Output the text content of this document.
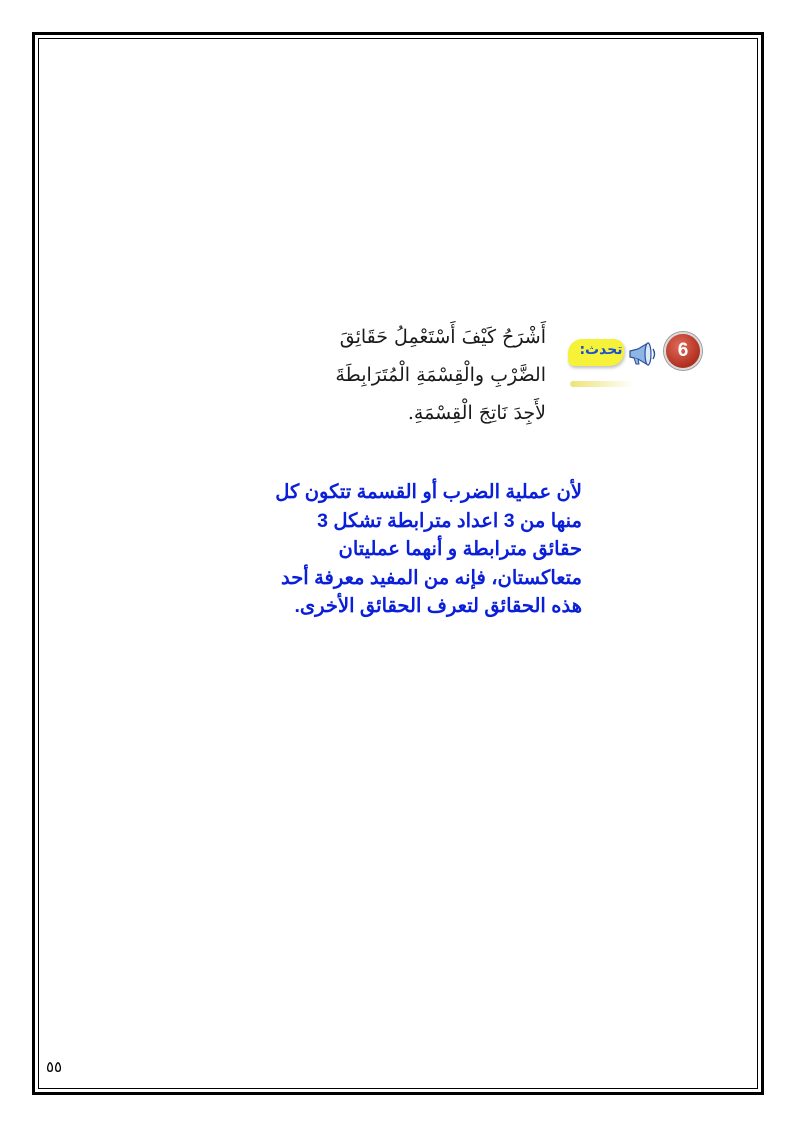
أَشْرَحُ كَيْفَ أَسْتَعْمِلُ حَقَائِقَ
الضَّرْبِ والْقِسْمَةِ الْمُتَرَابِطَةَ
لأَجِدَ نَاتِجَ الْقِسْمَةِ.
تحدث:	6
لأن عملية الضرب أو القسمة تتكون كل
منها من 3 اعداد مترابطة تشكل 3
حقائق مترابطة و أنهما عمليتان
متعاكستان، فإنه من المفيد معرفة أحد
هذه الحقائق لتعرف الحقائق الأخرى.
٥٥
